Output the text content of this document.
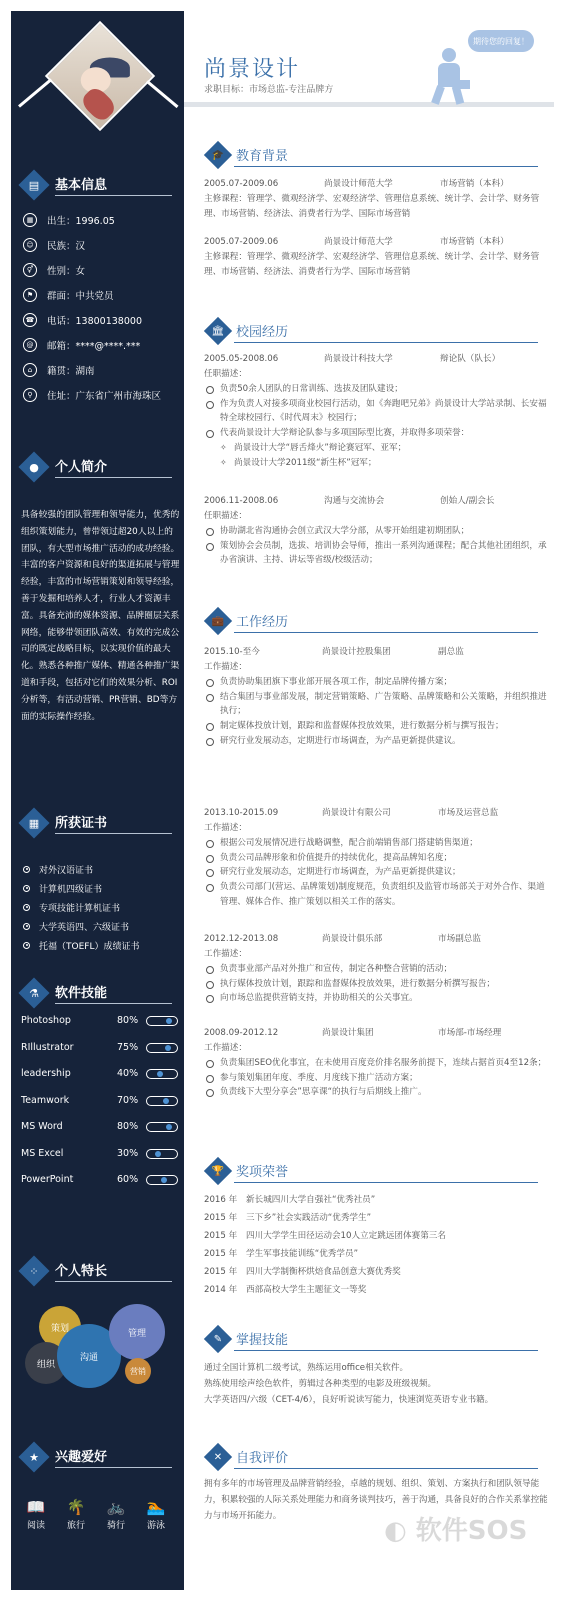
▤	基本信息
▦	出生：1996.05
☺	民族：汉
⚥	性别：女
⚑	群面：中共党员
☎ 电话：13800138000
@	邮箱：****@****.***
⌂	籍贯：湖南
⚲	住址：广东省广州市海珠区
●	个人简介
具备较强的团队管理和领导能力，优秀的组织策划能力，曾带领过超20人以上的团队，有大型市场推广活动的成功经验。丰富的客户资源和良好的渠道拓展与管理经验，丰富的市场营销策划和领导经验，善于发掘和培养人才，行业人才资源丰富。具备充沛的媒体资源、品牌圈层关系网络，能够带领团队高效、有效的完成公司的既定战略目标，以实现价值的最大化。熟悉各种推广媒体、精通各种推广渠道和手段，包括对它们的效果分析、ROI分析等，有活动营销、PR营销、BD等方面的实际操作经验。
▦	所获证书
对外汉语证书
计算机四级证书
专项技能计算机证书
大学英语四、六级证书
托福（TOEFL）成绩证书
⚗	软件技能
Photoshop	80%
RIllustrator	75%
leadership	40%
Teamwork	70%
MS Word	80%
MS Excel	30%
PowerPoint	60%
⁘	个人特长
策划
组织
沟通
管理
营销
★	兴趣爱好
📖
阅读
🌴
旅行
🚲
骑行
🏊
游泳
尚景设计
求职目标：市场总监-专注品牌方
期待您的回复！
🎓 教育背景
2005.07-2009.06	尚景设计师范大学	市场营销（本科）
主修课程：管理学、微观经济学、宏观经济学、管理信息系统、统计学、会计学、财务管理、市场营销、经济法、消费者行为学、国际市场营销
2005.07-2009.06	尚景设计师范大学	市场营销（本科）
主修课程：管理学、微观经济学、宏观经济学、管理信息系统、统计学、会计学、财务管理、市场营销、经济法、消费者行为学、国际市场营销
🏛 校园经历
2005.05-2008.06	尚景设计科技大学	辩论队（队长）
任职描述：
负责50余人团队的日常训练、选拔及团队建设；
作为负责人对接多项商业校园行活动，如《奔跑吧兄弟》尚景设计大学站录制、长安福特全球校园行、《时代周末》校园行；
代表尚景设计大学辩论队参与多项国际型比赛，并取得多项荣誉：
✧ 尚景设计大学“唇舌烽火”辩论赛冠军、亚军；
✧ 尚景设计大学2011级“新生杯”冠军；
2006.11-2008.06	沟通与交流协会	创始人/副会长
任职描述：
协助湖北省沟通协会创立武汉大学分部，从零开始组建初期团队；
策划协会会员制，选拔、培训协会导师，推出一系列沟通课程；配合其他社团组织，承办省演讲、主持、讲坛等省级/校级活动；
💼 工作经历
2015.10-至今	尚景设计控股集团	副总监
工作描述：
负责协助集团旗下事业部开展各项工作，制定品牌传播方案；
结合集团与事业部发展，制定营销策略、广告策略、品牌策略和公关策略，并组织推进执行；
制定媒体投放计划，跟踪和监督媒体投放效果，进行数据分析与撰写报告；
研究行业发展动态，定期进行市场调查，为产品更新提供建议。
2013.10-2015.09	尚景设计有限公司	市场及运营总监
工作描述：
根据公司发展情况进行战略调整，配合前端销售部门搭建销售渠道；
负责公司品牌形象和价值提升的持续优化，提高品牌知名度；
研究行业发展动态，定期进行市场调查，为产品更新提供建议；
负责公司部门(营运、品牌策划)制度规范，负责组织及监管市场部关于对外合作、渠道管理、媒体合作、推广策划以相关工作的落实。
2012.12-2013.08	尚景设计俱乐部	市场副总监
工作描述：
负责事业部产品对外推广和宣传，制定各种整合营销的活动；
执行媒体投放计划，跟踪和监督媒体投放效果，进行数据分析撰写报告；
向市场总监提供营销支持，并协助相关的公关事宜。
2008.09-2012.12	尚景设计集团	市场部-市场经理
工作描述：
负责集团SEO优化事宜，在未使用百度竞价排名服务前提下，连续占据首页4至12条；
参与策划集团年度、季度、月度线下推广活动方案；
负责线下大型分享会”思享课“的执行与后期线上推广。
🏆 奖项荣誉
2016 年 新长城四川大学自强社“优秀社员”
2015 年 三下乡”社会实践活动“优秀学生”
2015 年 四川大学学生田径运动会10人立定跳远团体赛第三名
2015 年 学生军事技能训练“优秀学员”
2015 年 四川大学制衡杯烘焙食品创意大赛优秀奖
2014 年 西部高校大学生主题征文一等奖
✎	掌握技能
通过全国计算机二级考试，熟练运用office相关软件。
熟练使用绘声绘色软件，剪辑过各种类型的电影及班级视频。
大学英语四/六级（CET-4/6），良好听说读写能力，快速浏览英语专业书籍。
✕	自我评价
拥有多年的市场管理及品牌营销经验，卓越的规划、组织、策划、方案执行和团队领导能力，积累较强的人际关系处理能力和商务谈判技巧，善于沟通，具备良好的合作关系掌控能力与市场开拓能力。	◐ 软件SOS
